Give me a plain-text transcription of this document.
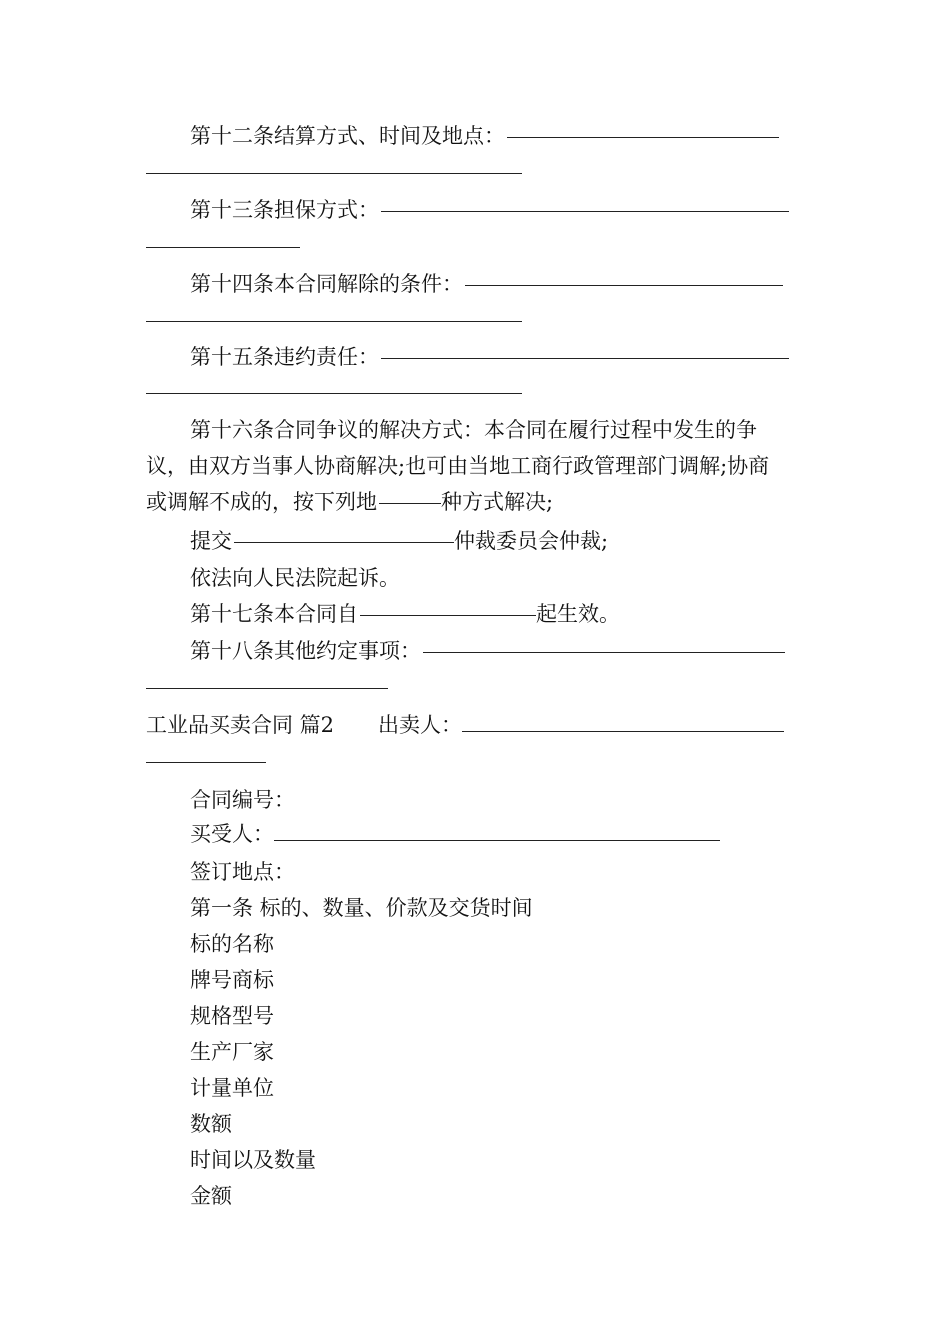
第十二条结算方式、时间及地点：
第十三条担保方式：
第十四条本合同解除的条件：
第十五条违约责任：
第十六条合同争议的解决方式：本合同在履行过程中发生的争
议，由双方当事人协商解决;也可由当地工商行政管理部门调解;协商
或调解不成的，按下列地	种方式解决;
提交	仲裁委员会仲裁;
依法向人民法院起诉。
第十七条本合同自	起生效。
第十八条其他约定事项：
工业品买卖合同 篇2 出卖人：
合同编号：
买受人：
签订地点：
第一条 标的、数量、价款及交货时间
标的名称
牌号商标
规格型号
生产厂家
计量单位
数额
时间以及数量
金额
